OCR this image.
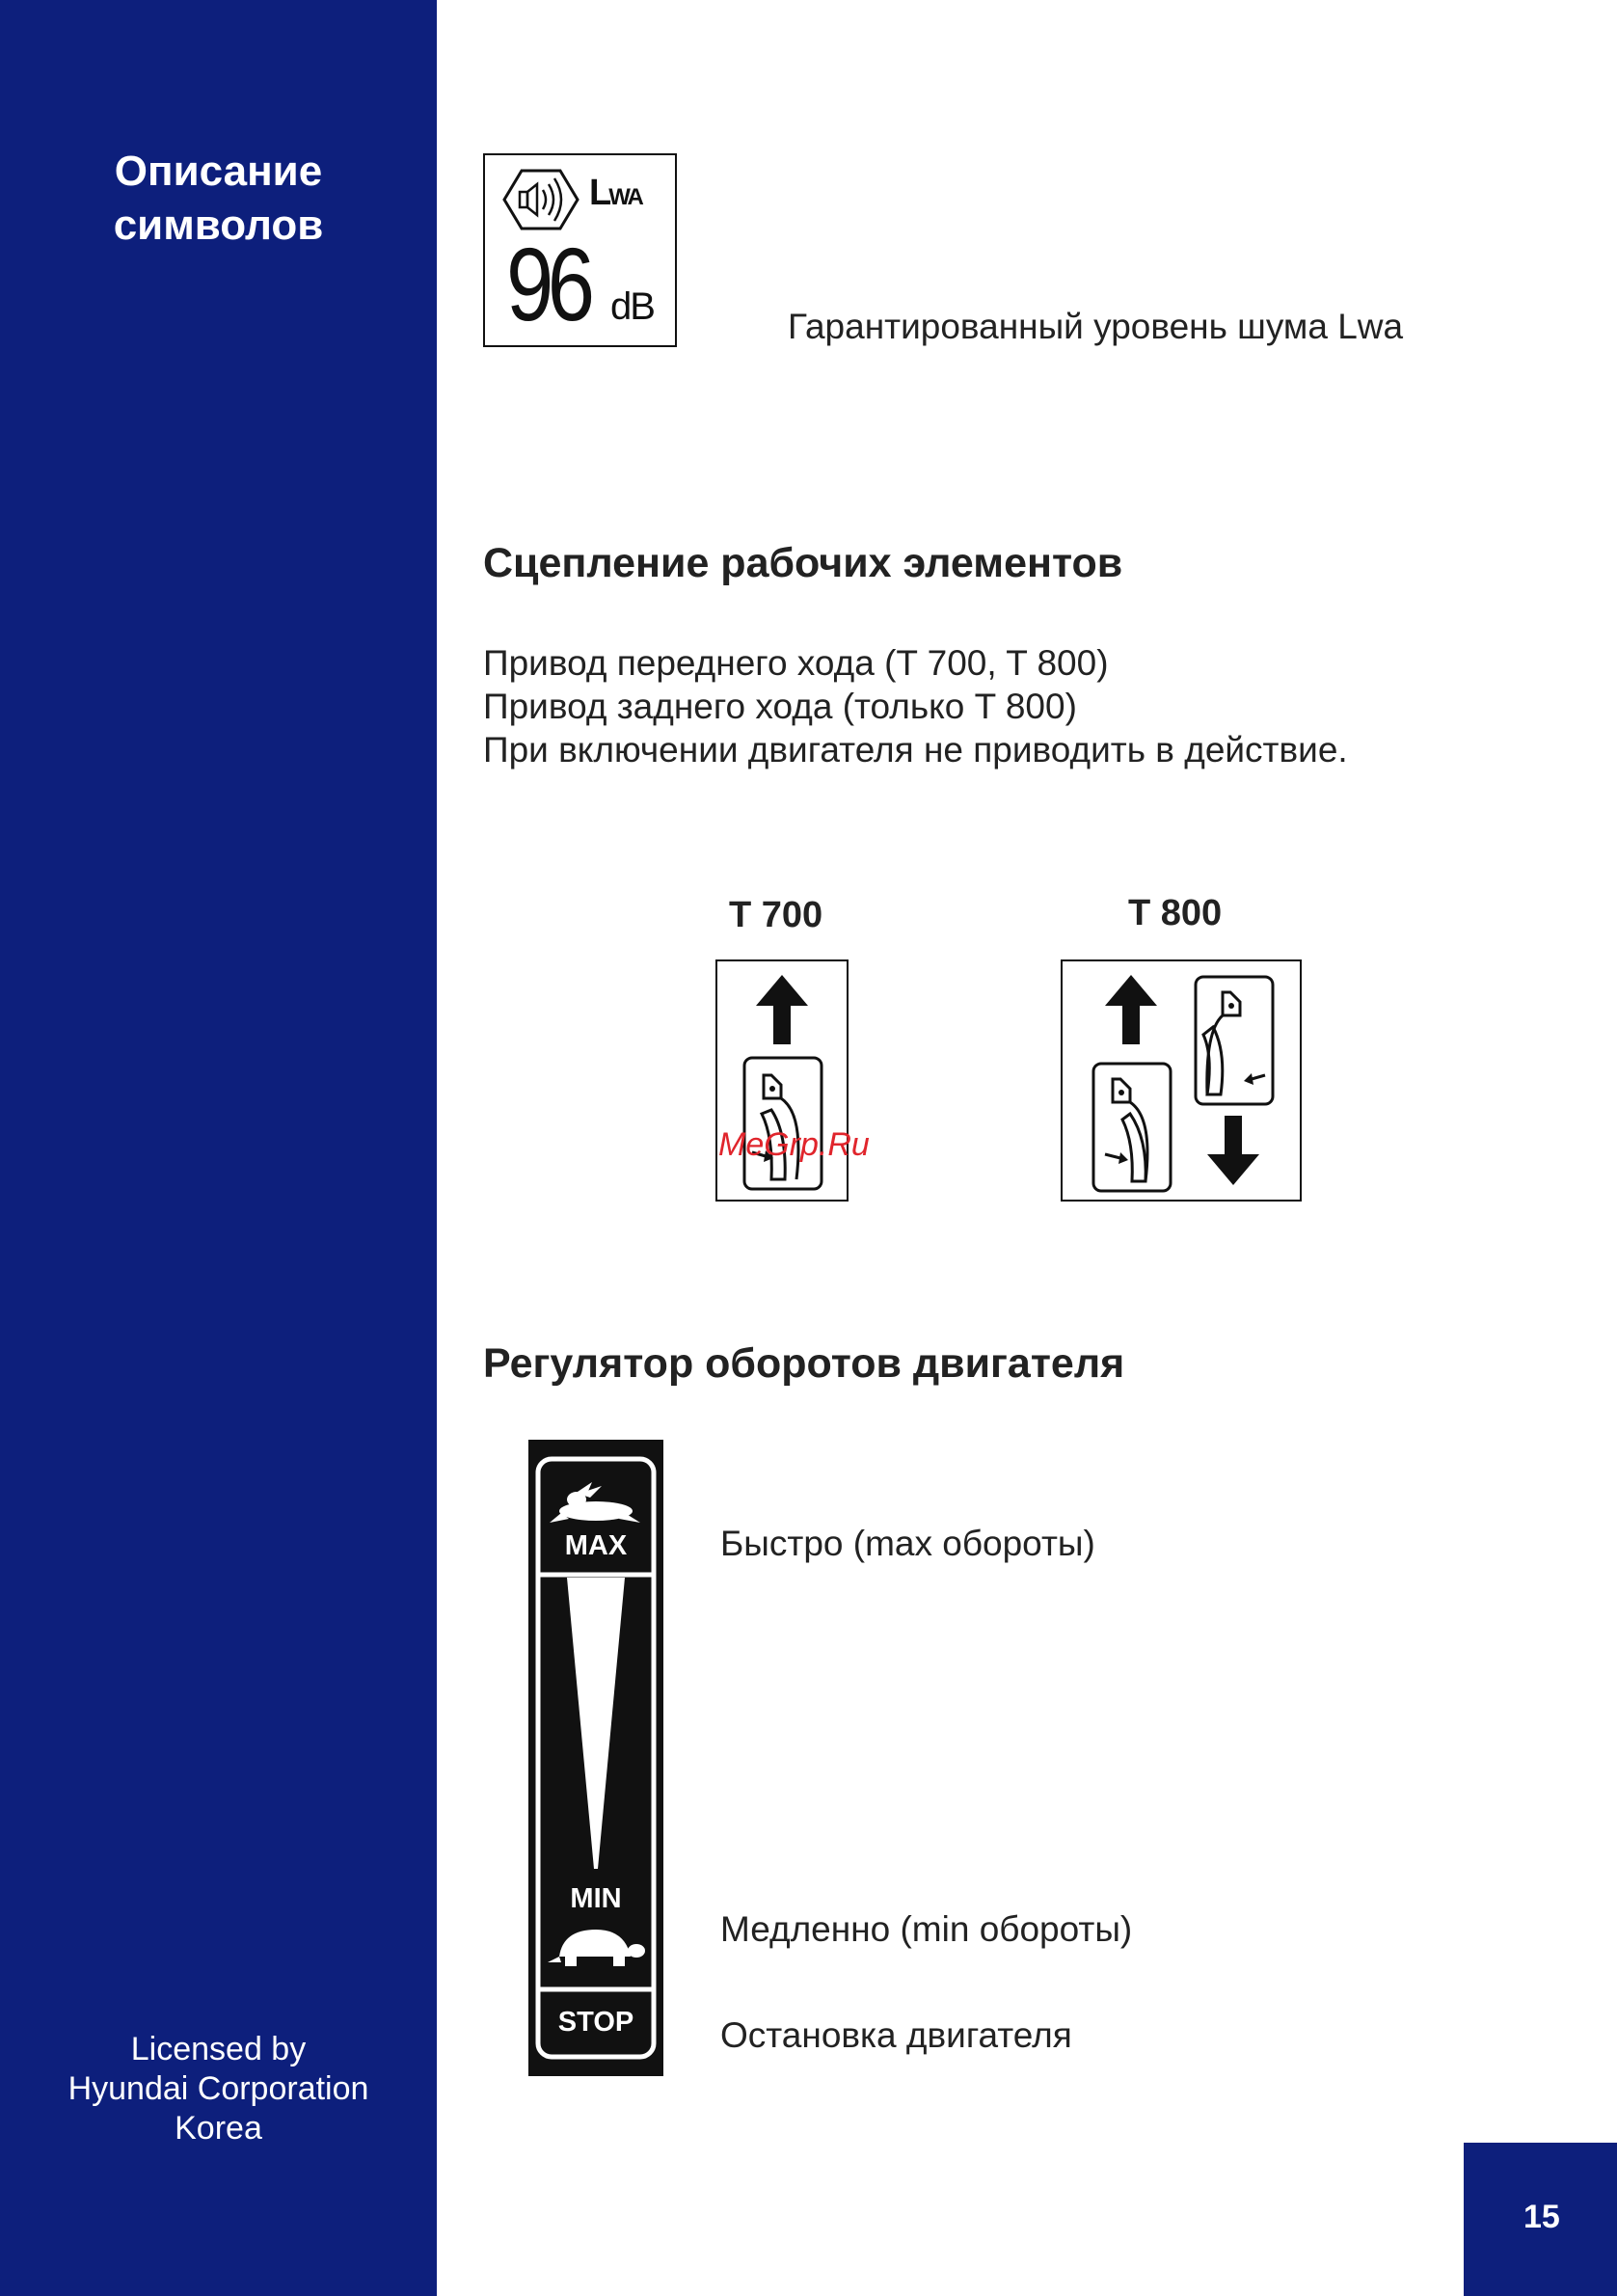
Описание
символов
Licensed by
Hyundai Corporation
Korea
15
LWA
96 dB	Гарантированный уровень шума Lwa
Сцепление рабочих элементов
Привод переднего хода (T 700, T 800)
Привод заднего хода (только T 800)
При включении двигателя не приводить в действие.
T 700	T 800
MeGrp.Ru
Регулятор оборотов двигателя
MAX
MIN
STOP
Быстро (max обороты)
Медленно (min обороты)
Остановка двигателя
